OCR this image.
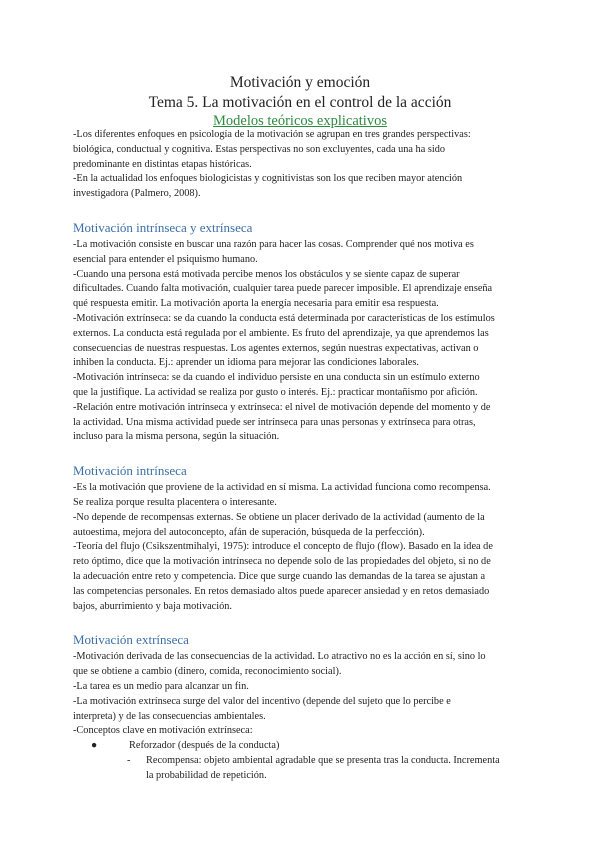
Motivación y emoción

Tema 5. La motivación en el control de la acción

Modelos teóricos explicativos

-Los diferentes enfoques en psicología de la motivación se agrupan en tres grandes perspectivas:

biológica, conductual y cognitiva. Estas perspectivas no son excluyentes, cada una ha sido

predominante en distintas etapas históricas.

-En la actualidad los enfoques biologicistas y cognitivistas son los que reciben mayor atención

investigadora (Palmero, 2008).

Motivación intrínseca y extrínseca

-La motivación consiste en buscar una razón para hacer las cosas. Comprender qué nos motiva es

esencial para entender el psiquismo humano.

-Cuando una persona está motivada percibe menos los obstáculos y se siente capaz de superar

dificultades. Cuando falta motivación, cualquier tarea puede parecer imposible. El aprendizaje enseña

qué respuesta emitir. La motivación aporta la energía necesaria para emitir esa respuesta.

-Motivación extrínseca: se da cuando la conducta está determinada por características de los estímulos

externos. La conducta está regulada por el ambiente. Es fruto del aprendizaje, ya que aprendemos las

consecuencias de nuestras respuestas. Los agentes externos, según nuestras expectativas, activan o

inhiben la conducta. Ej.: aprender un idioma para mejorar las condiciones laborales.

-Motivación intrínseca: se da cuando el individuo persiste en una conducta sin un estímulo externo

que la justifique. La actividad se realiza por gusto o interés. Ej.: practicar montañismo por afición.

-Relación entre motivación intrínseca y extrínseca: el nivel de motivación depende del momento y de

la actividad. Una misma actividad puede ser intrínseca para unas personas y extrínseca para otras,

incluso para la misma persona, según la situación.

Motivación intrínseca

-Es la motivación que proviene de la actividad en sí misma. La actividad funciona como recompensa.

Se realiza porque resulta placentera o interesante.

-No depende de recompensas externas. Se obtiene un placer derivado de la actividad (aumento de la

autoestima, mejora del autoconcepto, afán de superación, búsqueda de la perfección).

-Teoría del flujo (Csikszentmihalyi, 1975): introduce el concepto de flujo (flow). Basado en la idea de

reto óptimo, dice que la motivación intrínseca no depende solo de las propiedades del objeto, si no de

la adecuación entre reto y competencia. Dice que surge cuando las demandas de la tarea se ajustan a

las competencias personales. En retos demasiado altos puede aparecer ansiedad y en retos demasiado

bajos, aburrimiento y baja motivación.

Motivación extrínseca

-Motivación derivada de las consecuencias de la actividad. Lo atractivo no es la acción en sí, sino lo

que se obtiene a cambio (dinero, comida, reconocimiento social).

-La tarea es un medio para alcanzar un fin.

-La motivación extrínseca surge del valor del incentivo (depende del sujeto que lo percibe e

interpreta) y de las consecuencias ambientales.

-Conceptos clave en motivación extrínseca:

●	Reforzador (después de la conducta)
- Recompensa: objeto ambiental agradable que se presenta tras la conducta. Incrementa
la probabilidad de repetición.
